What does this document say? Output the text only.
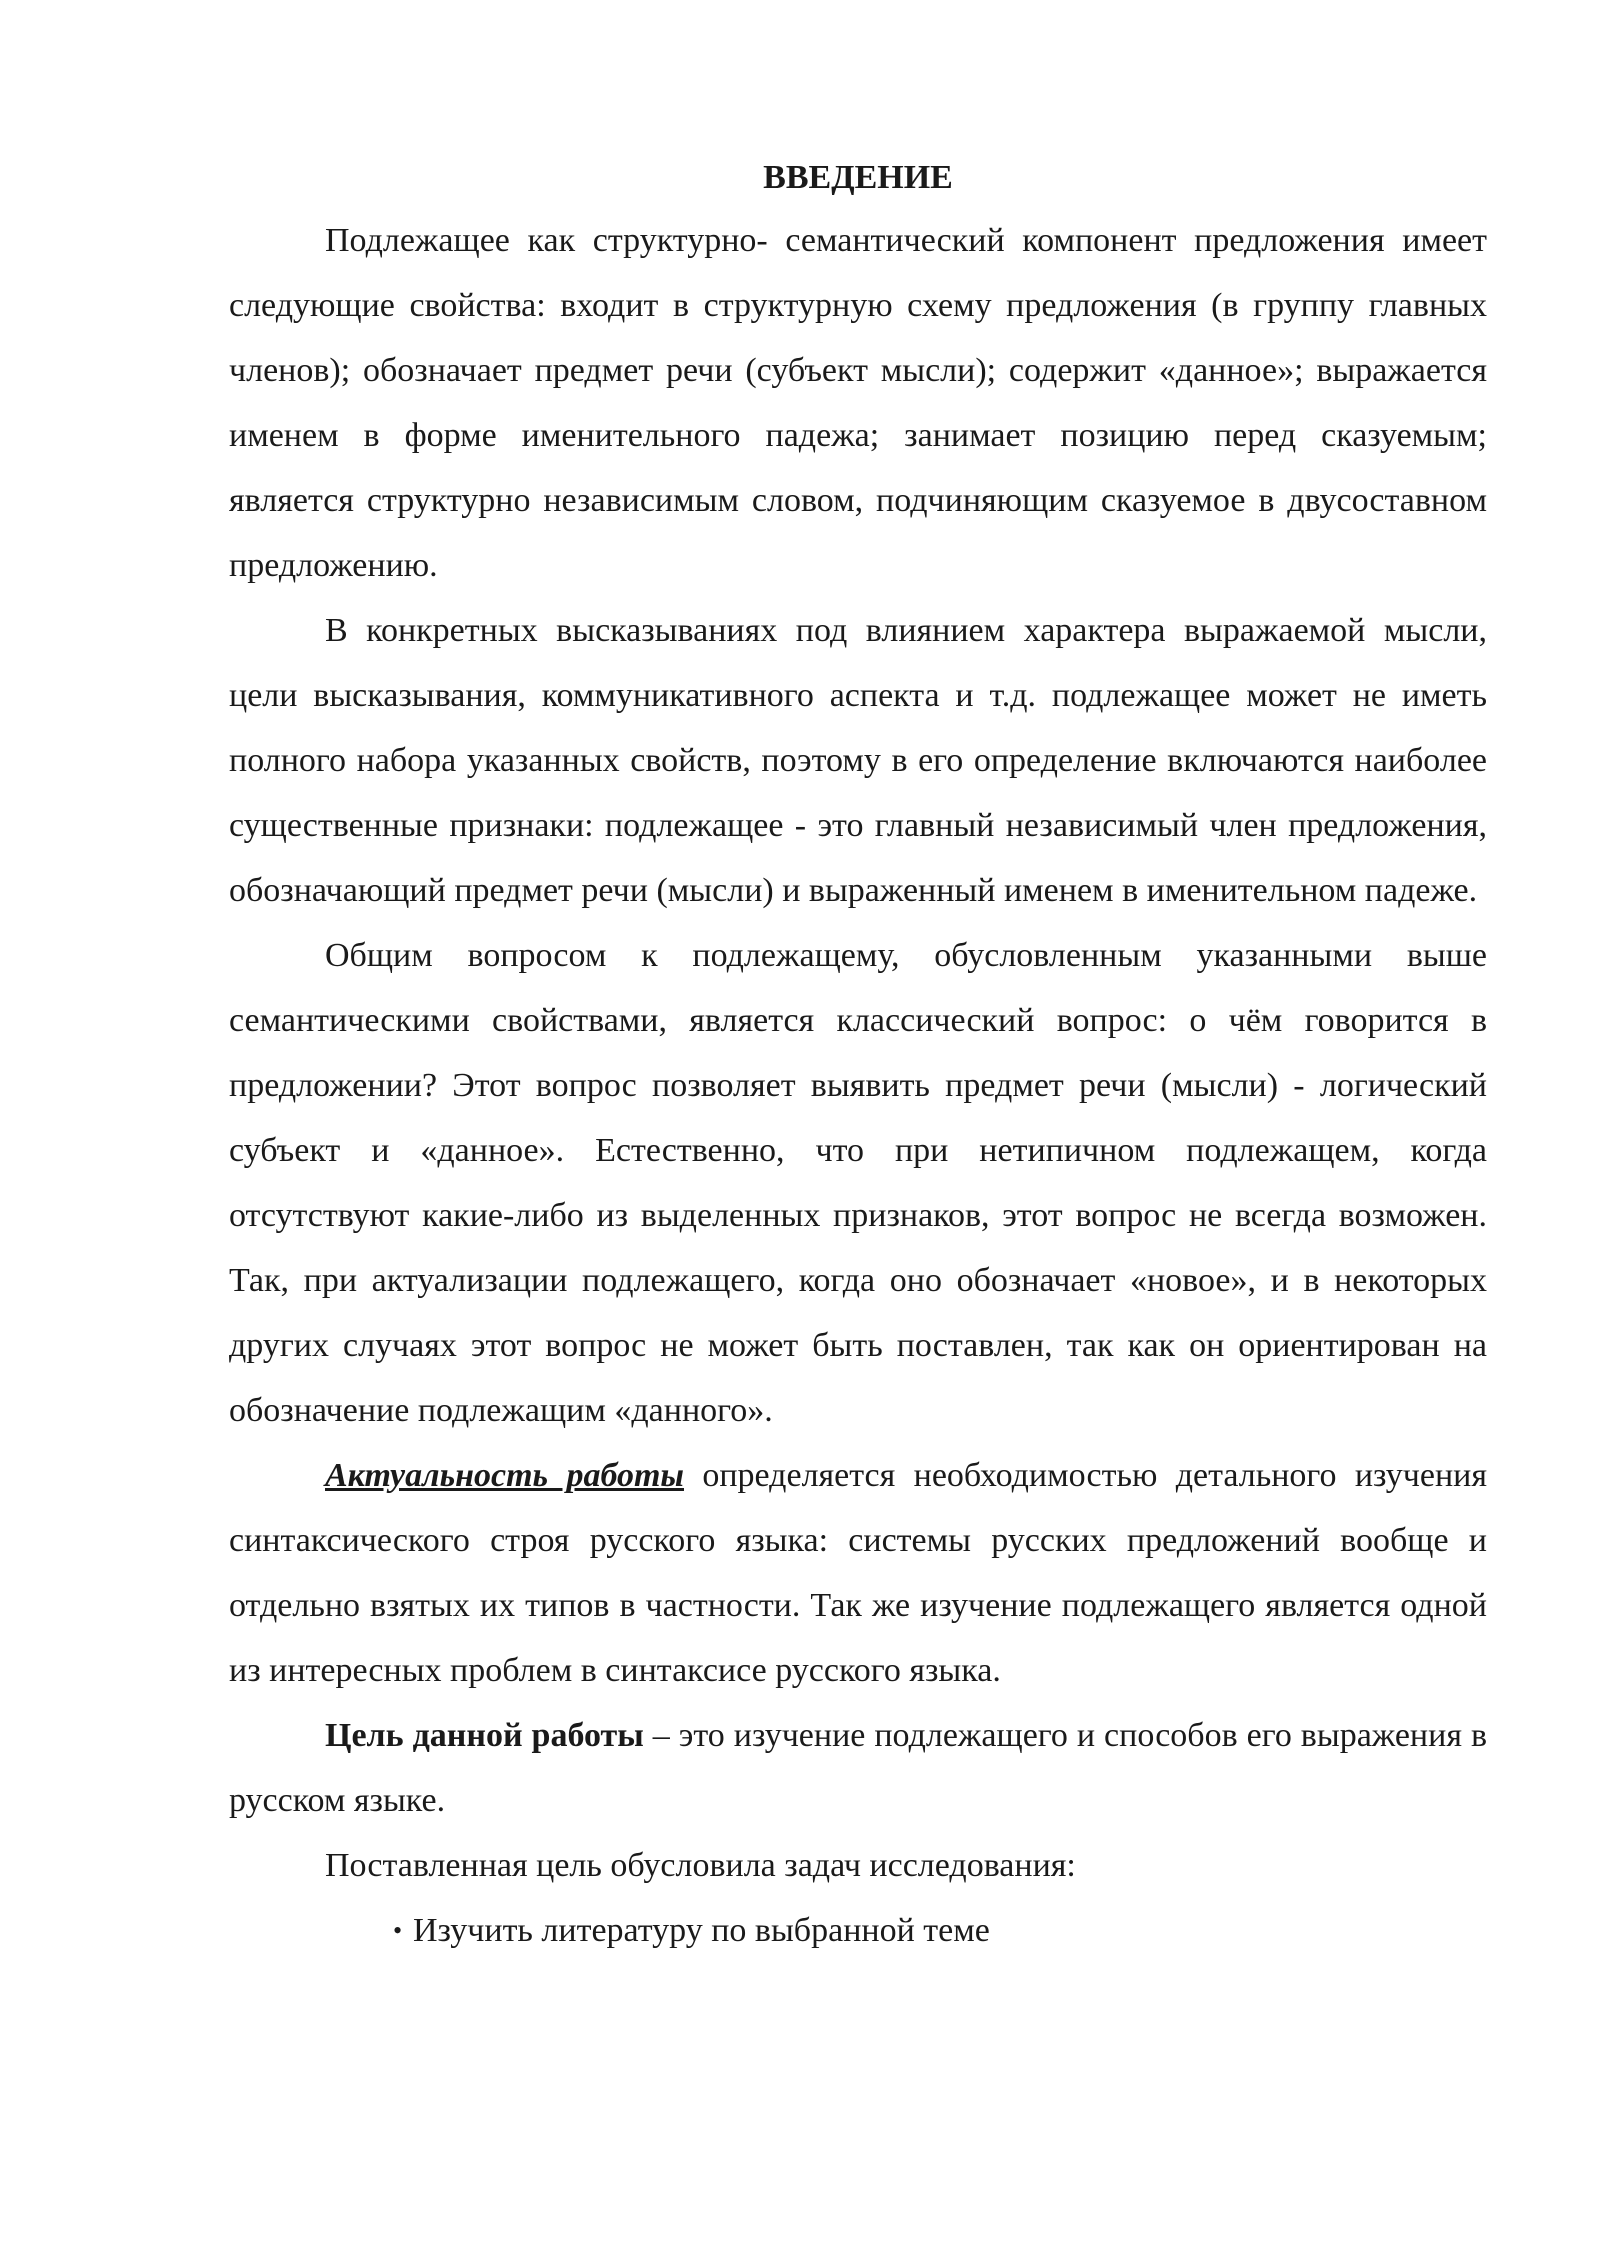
ВВЕДЕНИЕ

Подлежащее как структурно- семантический компонент предложения имеет следующие свойства: входит в структурную схему предложения (в группу главных членов); обозначает предмет речи (субъект мысли); содержит «данное»; выражается именем в форме именительного падежа; занимает позицию перед сказуемым; является структурно независимым словом, подчиняющим сказуемое в двусоставном предложению.

В конкретных высказываниях под влиянием характера выражаемой мысли, цели высказывания, коммуникативного аспекта и т.д. подлежащее может не иметь полного набора указанных свойств, поэтому в его определение включаются наиболее существенные признаки: подлежащее - это главный независимый член предложения, обозначающий предмет речи (мысли) и выраженный именем в именительном падеже.

Общим вопросом к подлежащему, обусловленным указанными выше семантическими свойствами, является классический вопрос: о чём говорится в предложении? Этот вопрос позволяет выявить предмет речи (мысли) - логический субъект и «данное». Естественно, что при нетипичном подлежащем, когда отсутствуют какие-либо из выделенных признаков, этот вопрос не всегда возможен. Так, при актуализации подлежащего, когда оно обозначает «новое», и в некоторых других случаях этот вопрос не может быть поставлен, так как он ориентирован на обозначение подлежащим «данного».

Актуальность работы определяется необходимостью детального изучения синтаксического строя русского языка: системы русских предложений вообще и отдельно взятых их типов в частности. Так же изучение подлежащего является одной из интересных проблем в синтаксисе русского языка.

Цель данной работы – это изучение подлежащего и способов его выражения в русском языке.

Поставленная цель обусловила задач исследования:

• Изучить литературу по выбранной теме
